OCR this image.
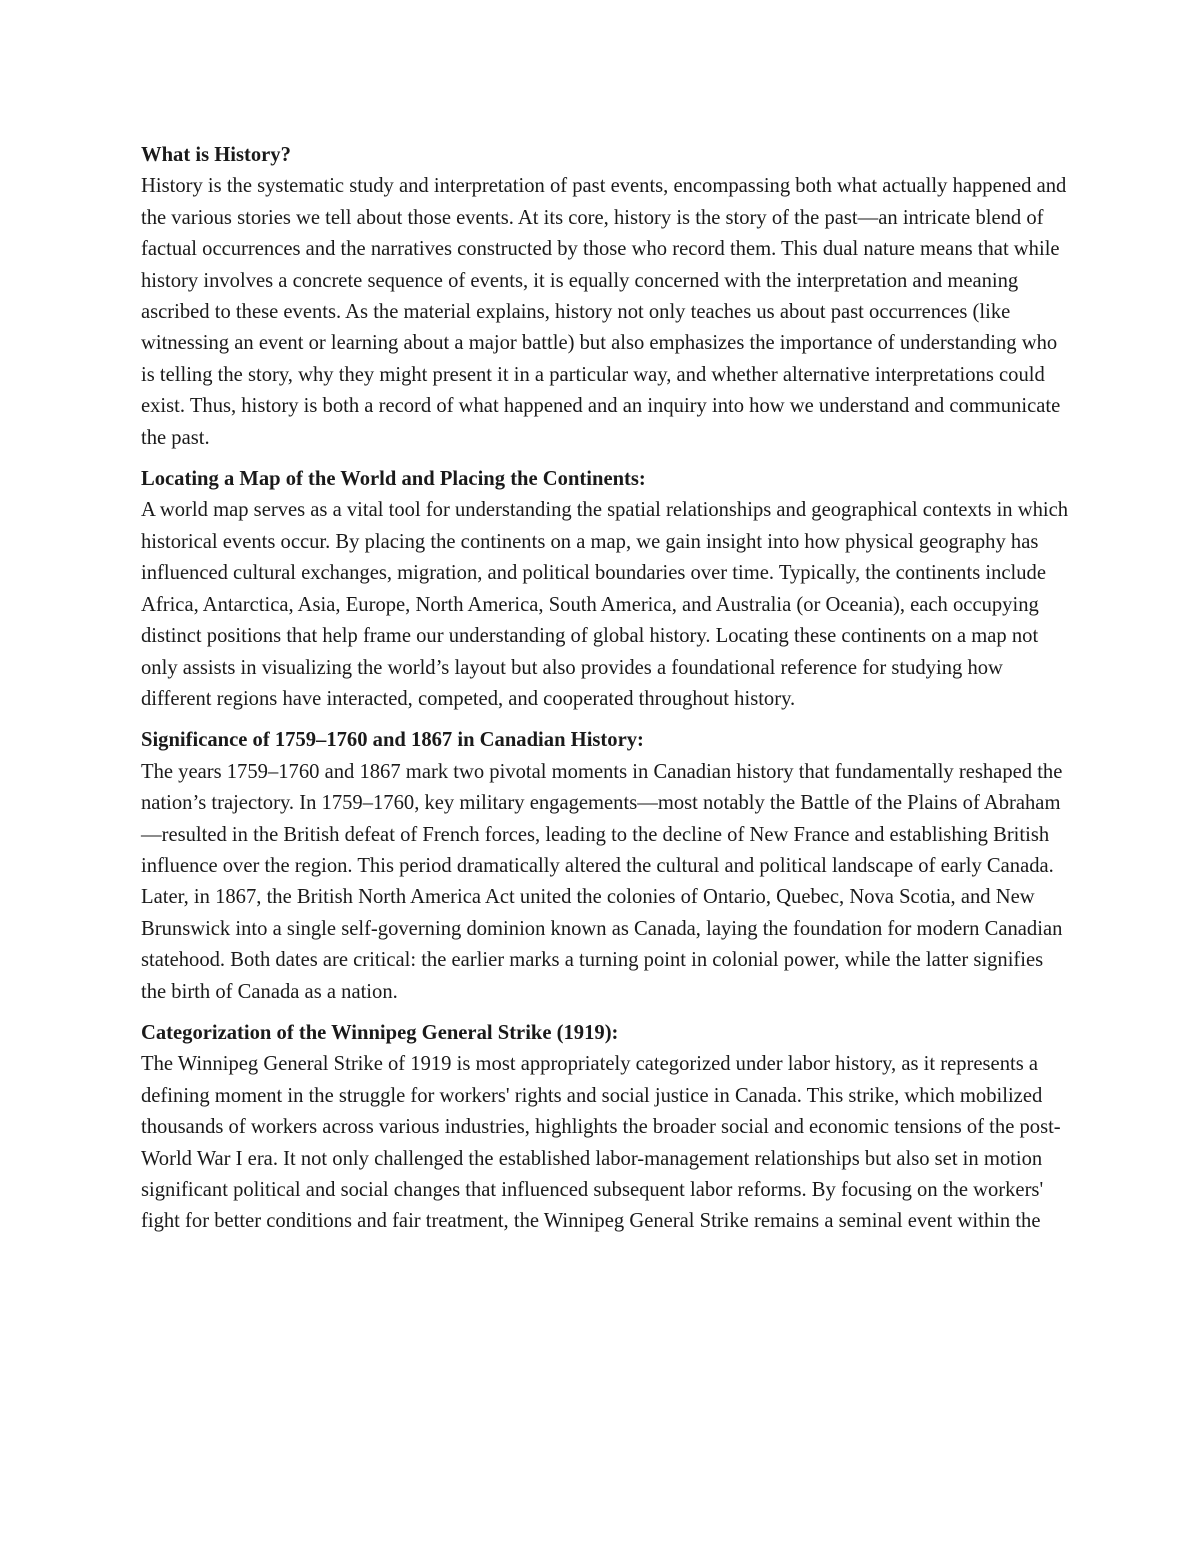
What is History?
History is the systematic study and interpretation of past events, encompassing both what actually happened and the various stories we tell about those events. At its core, history is the story of the past—an intricate blend of factual occurrences and the narratives constructed by those who record them. This dual nature means that while history involves a concrete sequence of events, it is equally concerned with the interpretation and meaning ascribed to these events. As the material explains, history not only teaches us about past occurrences (like witnessing an event or learning about a major battle) but also emphasizes the importance of understanding who is telling the story, why they might present it in a particular way, and whether alternative interpretations could exist. Thus, history is both a record of what happened and an inquiry into how we understand and communicate the past.
Locating a Map of the World and Placing the Continents:
A world map serves as a vital tool for understanding the spatial relationships and geographical contexts in which historical events occur. By placing the continents on a map, we gain insight into how physical geography has influenced cultural exchanges, migration, and political boundaries over time. Typically, the continents include Africa, Antarctica, Asia, Europe, North America, South America, and Australia (or Oceania), each occupying distinct positions that help frame our understanding of global history. Locating these continents on a map not only assists in visualizing the world’s layout but also provides a foundational reference for studying how different regions have interacted, competed, and cooperated throughout history.
Significance of 1759–1760 and 1867 in Canadian History:
The years 1759–1760 and 1867 mark two pivotal moments in Canadian history that fundamentally reshaped the nation’s trajectory. In 1759–1760, key military engagements—most notably the Battle of the Plains of Abraham—resulted in the British defeat of French forces, leading to the decline of New France and establishing British influence over the region. This period dramatically altered the cultural and political landscape of early Canada. Later, in 1867, the British North America Act united the colonies of Ontario, Quebec, Nova Scotia, and New Brunswick into a single self-governing dominion known as Canada, laying the foundation for modern Canadian statehood. Both dates are critical: the earlier marks a turning point in colonial power, while the latter signifies the birth of Canada as a nation.
Categorization of the Winnipeg General Strike (1919):
The Winnipeg General Strike of 1919 is most appropriately categorized under labor history, as it represents a defining moment in the struggle for workers' rights and social justice in Canada. This strike, which mobilized thousands of workers across various industries, highlights the broader social and economic tensions of the post-World War I era. It not only challenged the established labor-management relationships but also set in motion significant political and social changes that influenced subsequent labor reforms. By focusing on the workers' fight for better conditions and fair treatment, the Winnipeg General Strike remains a seminal event within the
